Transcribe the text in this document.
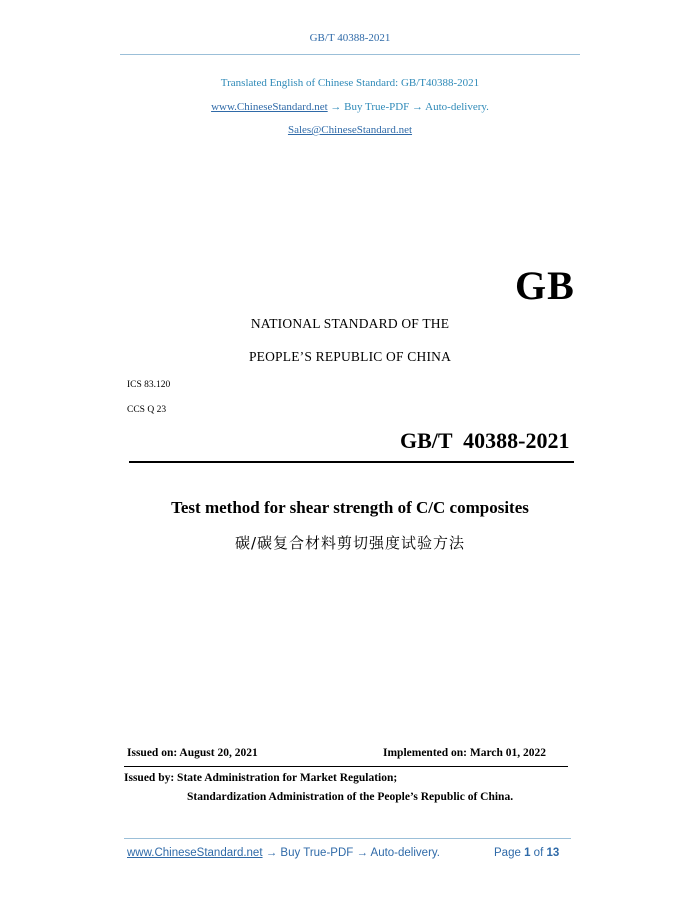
GB/T 40388-2021
Translated English of Chinese Standard: GB/T40388-2021
www.ChineseStandard.net → Buy True-PDF → Auto-delivery.
Sales@ChineseStandard.net
GB
NATIONAL STANDARD OF THE
PEOPLE’S REPUBLIC OF CHINA
ICS 83.120
CCS Q 23
GB/T  40388-2021
Test method for shear strength of C/C composites
碳/碳复合材料剪切强度试验方法
Issued on: August 20, 2021	Implemented on: March 01, 2022
Issued by: State Administration for Market Regulation;
Standardization Administration of the People’s Republic of China.
www.ChineseStandard.net → Buy True-PDF → Auto-delivery.	Page 1 of 13
